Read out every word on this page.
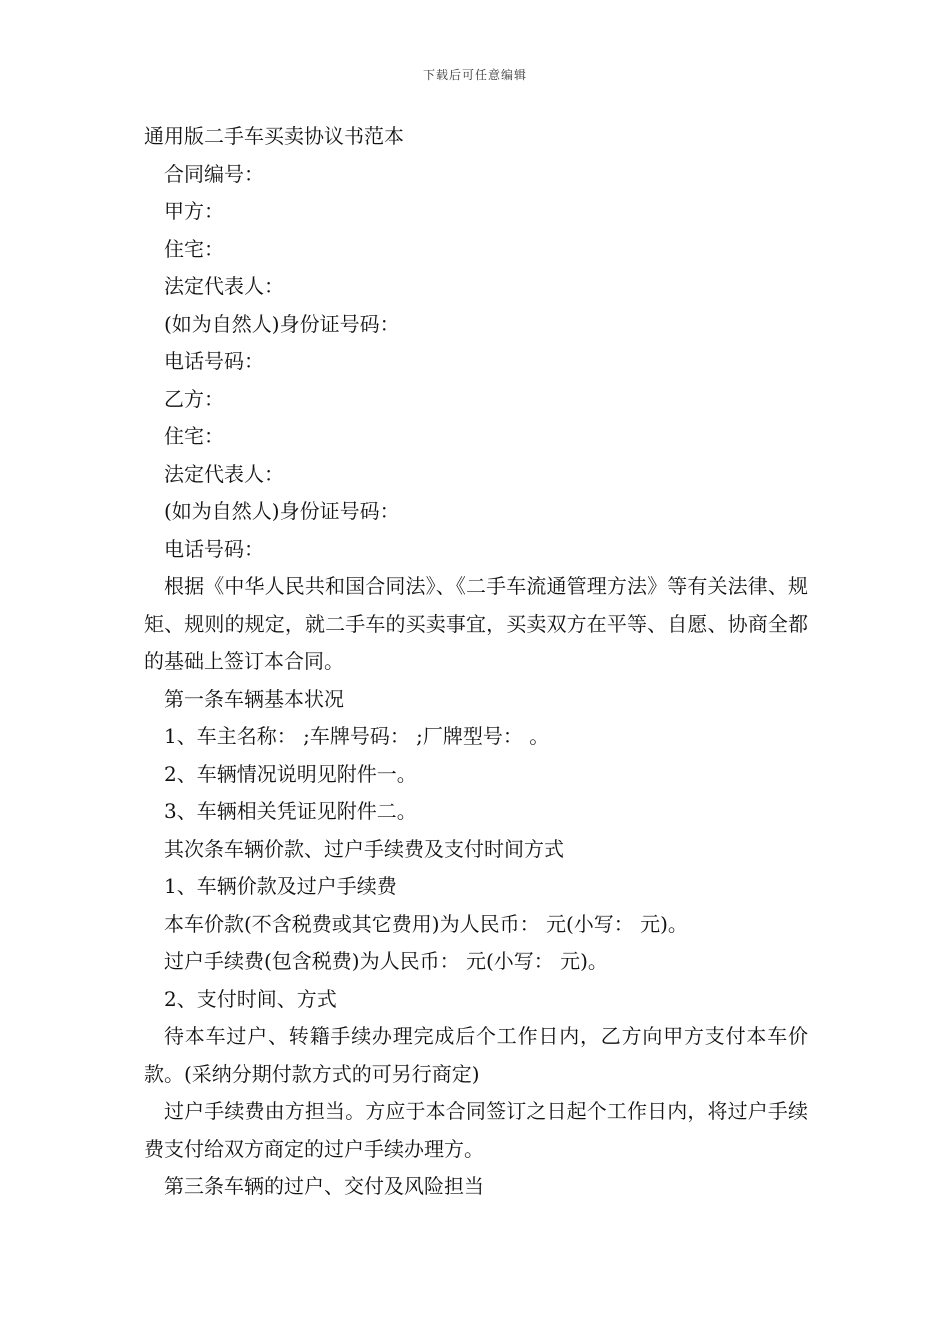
下载后可任意编辑
通用版二手车买卖协议书范本
合同编号：
甲方：
住宅：
法定代表人：
(如为自然人)身份证号码：
电话号码：
乙方：
住宅：
法定代表人：
(如为自然人)身份证号码：
电话号码：

根据《中华人民共和国合同法》、《二手车流通管理方法》等有关法律、规矩、规则的规定，就二手车的买卖事宜，买卖双方在平等、自愿、协商全都的基础上签订本合同。

第一条车辆基本状况
1、车主名称： ;车牌号码： ;厂牌型号： 。
2、车辆情况说明见附件一。
3、车辆相关凭证见附件二。
其次条车辆价款、过户手续费及支付时间方式
1、车辆价款及过户手续费
本车价款(不含税费或其它费用)为人民币： 元(小写： 元)。
过户手续费(包含税费)为人民币： 元(小写： 元)。
2、支付时间、方式

待本车过户、转籍手续办理完成后个工作日内，乙方向甲方支付本车价款。(采纳分期付款方式的可另行商定)

过户手续费由方担当。方应于本合同签订之日起个工作日内，将过户手续费支付给双方商定的过户手续办理方。

第三条车辆的过户、交付及风险担当
